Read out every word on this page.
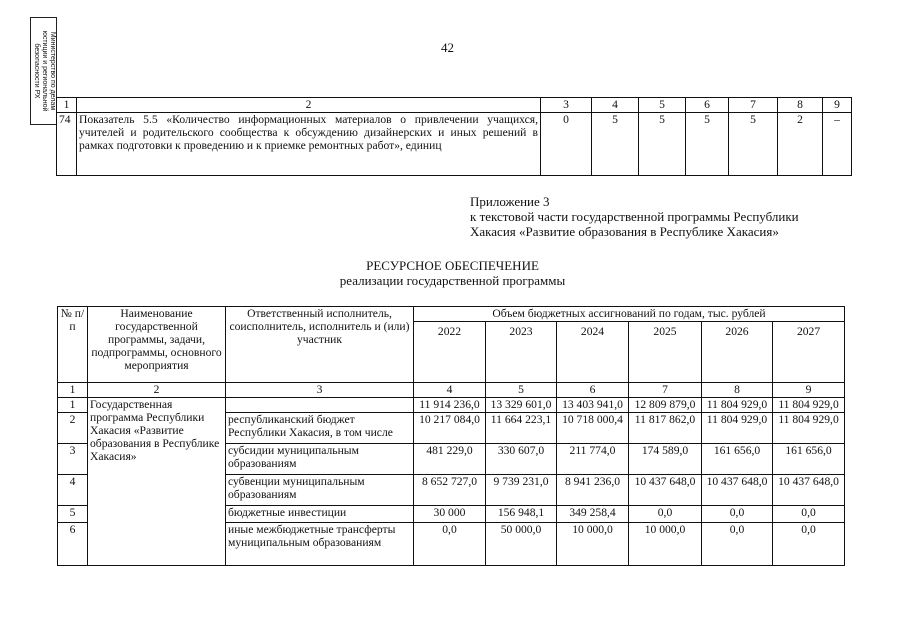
Министерство по делам юстиции и региональной безопасности РХ	42
1	2	3	4	5	6	7	8	9
74	Показатель 5.5 «Количество информационных материалов о привлечении учащихся, учителей и родительского сообщества к обсуждению дизайнерских и иных решений в рамках подготовки к проведению и к приемке ремонтных работ», единиц	0	5	5	5	5	2	–
Приложение 3
к текстовой части государственной программы Республики
Хакасия «Развитие образования в Республике Хакасия»
РЕСУРСНОЕ ОБЕСПЕЧЕНИЕ
реализации государственной программы
№ п/п	Наименование государственной программы, задачи, подпрограммы, основного мероприятия	Ответственный исполнитель, соисполнитель, исполнитель и (или) участник	Объем бюджетных ассигнований по годам, тыс. рублей					
			2022	2023	2024	2025	2026	2027
1	2	3	4	5	6	7	8	9
1	Государственная программа Республики Хакасия «Развитие образования в Республике Хакасия»		11 914 236,0	13 329 601,0	13 403 941,0	12 809 879,0	11 804 929,0	11 804 929,0
2		республиканский бюджет Республики Хакасия, в том числе	10 217 084,0	11 664 223,1	10 718 000,4	11 817 862,0	11 804 929,0	11 804 929,0
3		субсидии муниципальным образованиям	481 229,0	330 607,0	211 774,0	174 589,0	161 656,0	161 656,0
4		субвенции муниципальным образованиям	8 652 727,0	9 739 231,0	8 941 236,0	10 437 648,0	10 437 648,0	10 437 648,0
5		бюджетные инвестиции	30 000	156 948,1	349 258,4	0,0	0,0	0,0
6		иные межбюджетные трансферты муниципальным образованиям	0,0	50 000,0	10 000,0	10 000,0	0,0	0,0
